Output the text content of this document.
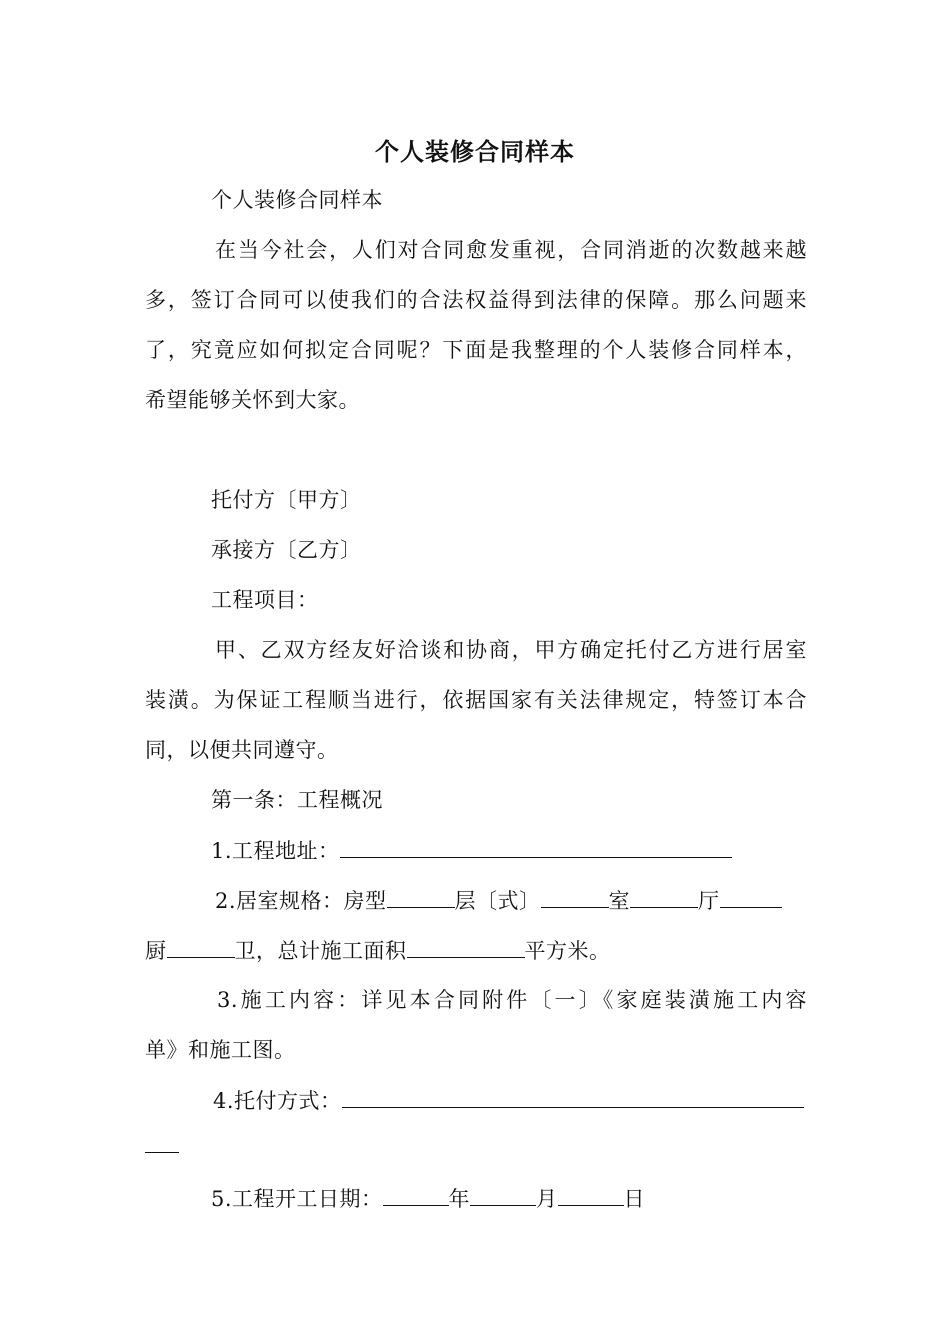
个人装修合同样本
个人装修合同样本
在当今社会，人们对合同愈发重视，合同消逝的次数越来越
多，签订合同可以使我们的合法权益得到法律的保障。那么问题来
了，究竟应如何拟定合同呢？下面是我整理的个人装修合同样本，
希望能够关怀到大家。
托付方〔甲方〕
承接方〔乙方〕
工程项目：
甲、乙双方经友好洽谈和协商，甲方确定托付乙方进行居室
装潢。为保证工程顺当进行，依据国家有关法律规定，特签订本合
同，以便共同遵守。
第一条：工程概况
1.工程地址：
2.居室规格：房型	层〔式〕	室	厅
厨	卫，总计施工面积	平方米。
3.施工内容：详见本合同附件〔一〕《家庭装潢施工内容
单》和施工图。
4.托付方式：
5.工程开工日期：	年	月	日
